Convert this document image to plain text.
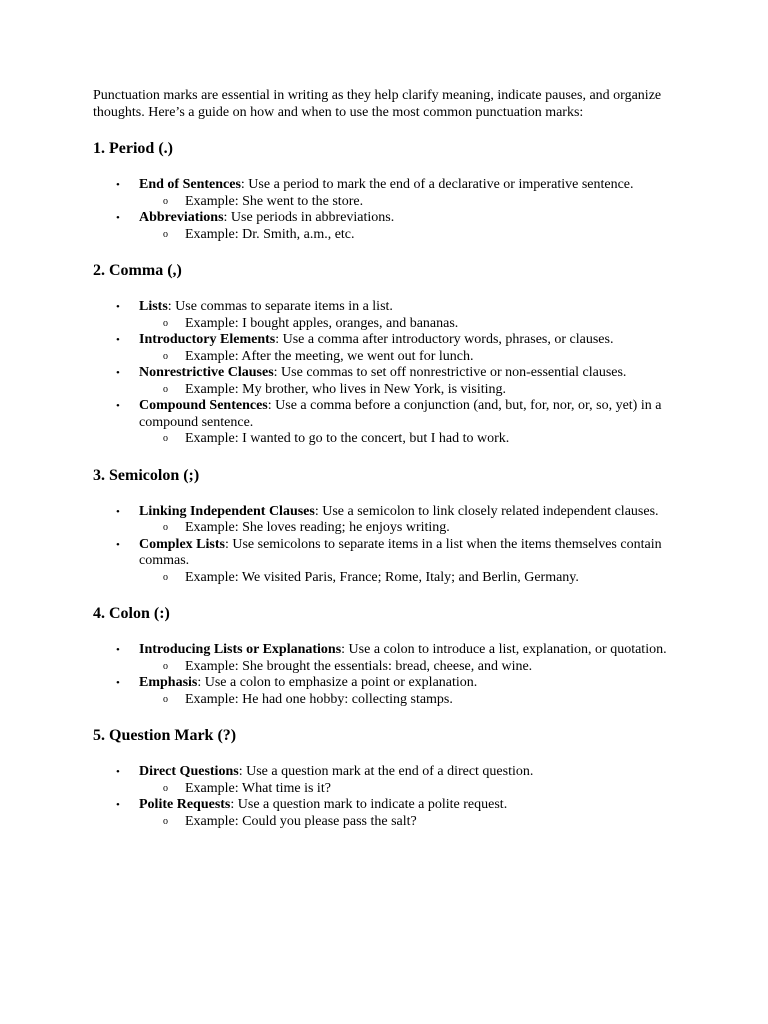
Punctuation marks are essential in writing as they help clarify meaning, indicate pauses, and organize thoughts. Here’s a guide on how and when to use the most common punctuation marks:

1. Period (.)
• End of Sentences: Use a period to mark the end of a declarative or imperative sentence.
o Example: She went to the store.
• Abbreviations: Use periods in abbreviations.
o Example: Dr. Smith, a.m., etc.
2. Comma (,)
• Lists: Use commas to separate items in a list.
o Example: I bought apples, oranges, and bananas.
• Introductory Elements: Use a comma after introductory words, phrases, or clauses.
o Example: After the meeting, we went out for lunch.
• Nonrestrictive Clauses: Use commas to set off nonrestrictive or non-essential clauses.
o Example: My brother, who lives in New York, is visiting.
• Compound Sentences: Use a comma before a conjunction (and, but, for, nor, or, so, yet) in a compound sentence.
o Example: I wanted to go to the concert, but I had to work.
3. Semicolon (;)
• Linking Independent Clauses: Use a semicolon to link closely related independent clauses.
o Example: She loves reading; he enjoys writing.
• Complex Lists: Use semicolons to separate items in a list when the items themselves contain commas.
o Example: We visited Paris, France; Rome, Italy; and Berlin, Germany.
4. Colon (:)
• Introducing Lists or Explanations: Use a colon to introduce a list, explanation, or quotation.
o Example: She brought the essentials: bread, cheese, and wine.
• Emphasis: Use a colon to emphasize a point or explanation.
o Example: He had one hobby: collecting stamps.
5. Question Mark (?)
• Direct Questions: Use a question mark at the end of a direct question.
o Example: What time is it?
• Polite Requests: Use a question mark to indicate a polite request.
o Example: Could you please pass the salt?
